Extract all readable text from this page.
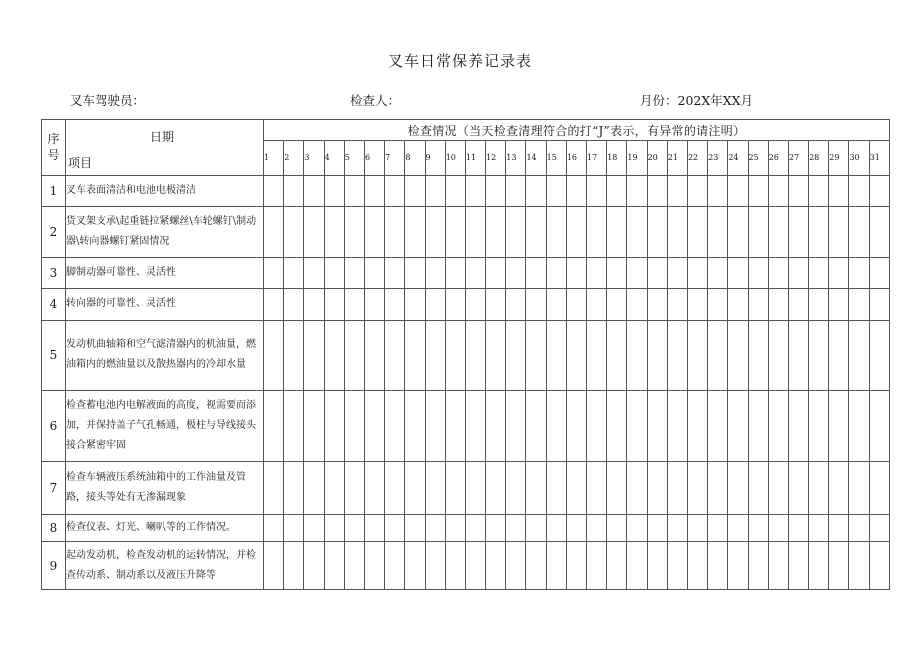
叉车日常保养记录表
叉车驾驶员：	检查人：	月份：202X年XX月
序号	日期
项目	检查情况（当天检查清理符合的打“J”表示，有异常的请注明）																														
		1	2	3	4	5	6	7	8	9	10	11	12	13	14	15	16	17	18	19	20	21	22	23	24	25	26	27	28	29	30	31
1	叉车表面清洁和电池电极清洁																															
2	货叉架支承\起重链拉紧螺丝\车轮螺钉\制动器\转向器螺钉紧固情况																															
3	脚制动器可靠性、灵活性																															
4	转向器的可靠性、灵活性																															
5	发动机曲轴箱和空气滤清器内的机油量，燃油箱内的燃油量以及散热器内的冷却水量																															
6	检查蓄电池内电解液面的高度，视需要而添加，并保持盖子气孔畅通，极柱与导线接头接合紧密牢固																															
7	检查车辆液压系统油箱中的工作油量及管路，接头等处有无渗漏现象																															
8	检查仪表、灯光、喇叭等的工作情况。																															
9	起动发动机，检查发动机的运转情况，并检查传动系、制动系以及液压升降等																															
